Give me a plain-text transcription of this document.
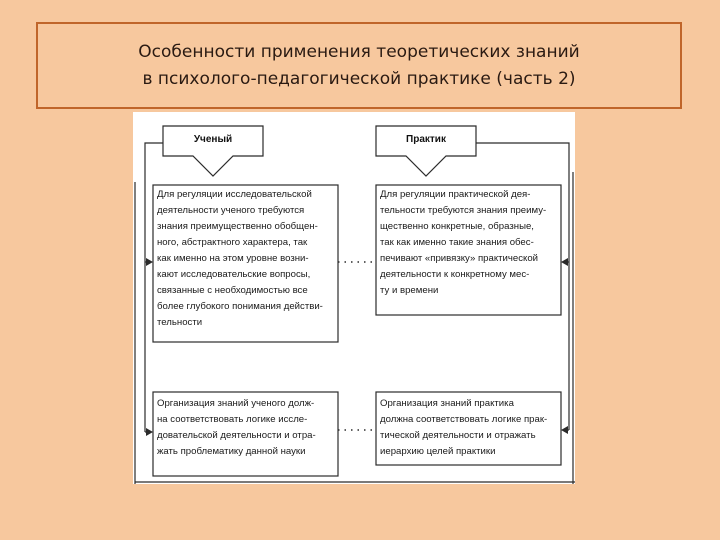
Особенности применения теоретических знаний
в психолого-педагогической практике (часть 2)
Ученый	Практик
Для регуляции исследовательской
деятельности ученого требуются
знания преимущественно обобщен-
ного, абстрактного характера, так
как именно на этом уровне возни-
кают исследовательские вопросы,
связанные с необходимостью все
более глубокого понимания действи-
тельности
Для регуляции практической дея-
тельности требуются знания преиму-
щественно конкретные, образные,
так как именно такие знания обес-
печивают «привязку» практической
деятельности к конкретному мес-
ту и времени
Организация знаний ученого долж-
на соответствовать логике иссле-
довательской деятельности и отра-
жать проблематику данной науки
Организация знаний практика
должна соответствовать логике прак-
тической деятельности и отражать
иерархию целей практики
